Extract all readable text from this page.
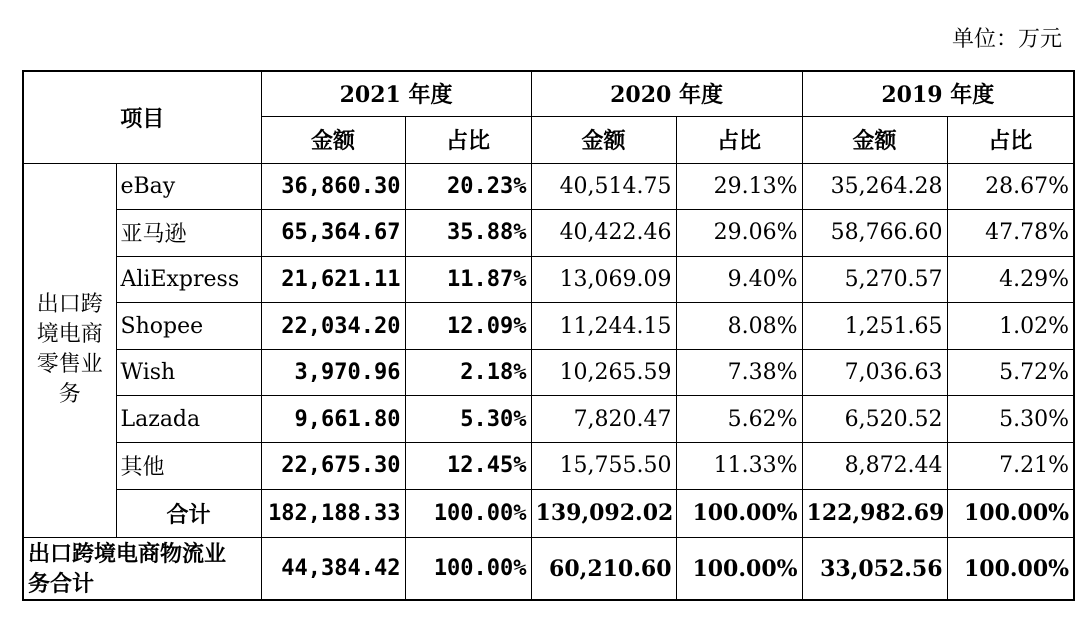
单位：万元
项目		2021 年度		2020 年度		2019 年度	
		金额	占比	金额	占比	金额	占比
出口跨
境电商
零售业
务	eBay	36,860.30	20.23%	40,514.75	29.13%	35,264.28	28.67%
	亚马逊	65,364.67	35.88%	40,422.46	29.06%	58,766.60	47.78%
	AliExpress	21,621.11	11.87%	13,069.09	9.40%	5,270.57	4.29%
	Shopee	22,034.20	12.09%	11,244.15	8.08%	1,251.65	1.02%
	Wish	3,970.96	2.18%	10,265.59	7.38%	7,036.63	5.72%
	Lazada	9,661.80	5.30%	7,820.47	5.62%	6,520.52	5.30%
	其他	22,675.30	12.45%	15,755.50	11.33%	8,872.44	7.21%
	合计	182,188.33	100.00%	139,092.02	100.00%	122,982.69	100.00%
出口跨境电商物流业
务合计		44,384.42	100.00%	60,210.60	100.00%	33,052.56	100.00%
